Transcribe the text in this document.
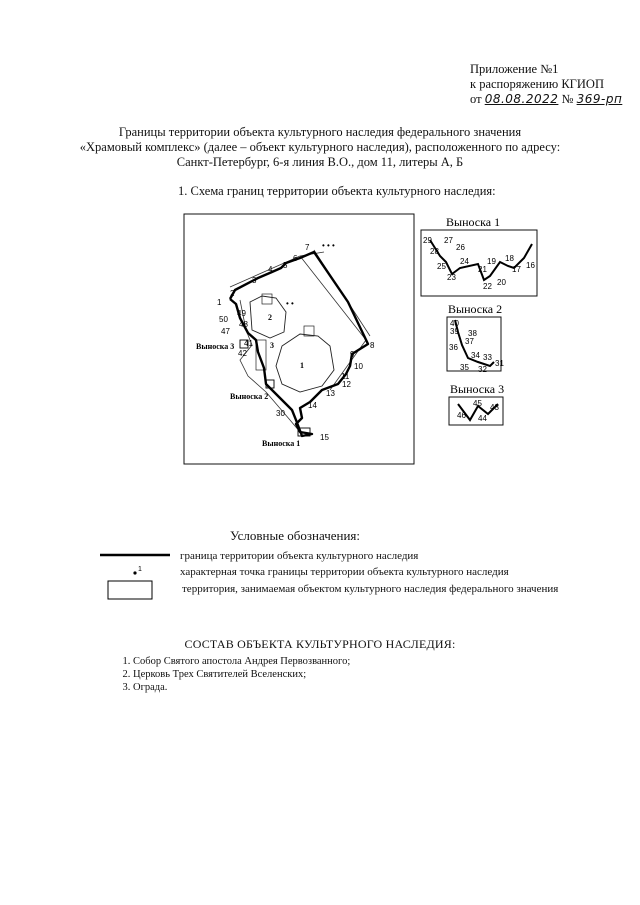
Приложение №1
к распоряжению КГИОП
от 08.08.2022 № 369-рп
Границы территории объекта культурного наследия федерального значения
«Храмовый комплекс» (далее – объект культурного наследия), расположенного по адресу:
Санкт-Петербург, 6-я линия В.О., дом 11, литеры А, Б
1. Схема границ территории объекта культурного наследия:
• • •
• •
1
2
3
4 5
6
7
8
9
10
11
12
13
14
15
30
41
42
47
48
49
50
1
2
3
Выноска 3
Выноска 2
Выноска 1
Выноска 1
16
17
18
19
20
21
22
23
24
25
26
27
28
29
Выноска 2
31
32
33
34
35
36
37
38
39
40
Выноска 3
43
44
45
46
Условные обозначения:
1
граница территории объекта культурного наследия
характерная точка границы территории объекта культурного наследия
территория, занимаемая объектом культурного наследия федерального значения
СОСТАВ ОБЪЕКТА КУЛЬТУРНОГО НАСЛЕДИЯ:
1. Собор Святого апостола Андрея Первозванного;
2. Церковь Трех Святителей Вселенских;
3. Ограда.
